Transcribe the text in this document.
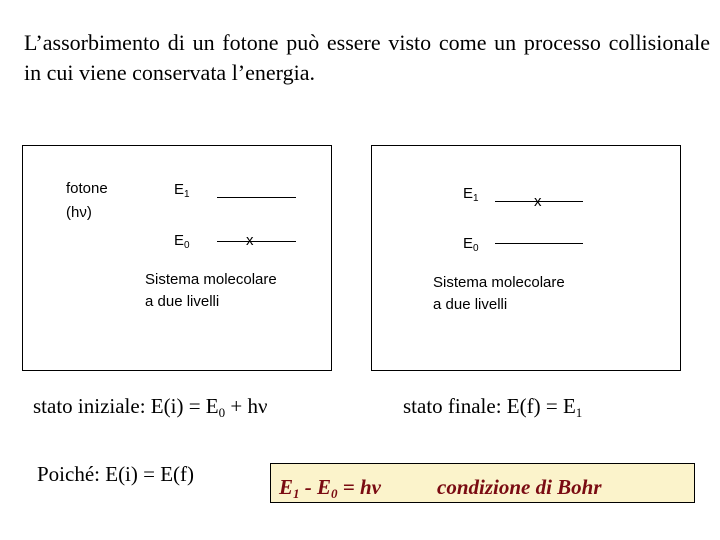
L’assorbimento di un fotone può essere visto come un processo collisionale in cui viene conservata l’energia.
fotone
(hν)
$E_1$
$E_0$	x
Sistema molecolare
a due livelli
$E_1$	x
$E_0$
Sistema molecolare
a due livelli
stato iniziale: $E(i) = E_0 + h\nu$	stato finale: $E(f) = E_1$
Poiché: E(i) = E(f)
$E_1 - E_0 = h\nu$	condizione di Bohr
